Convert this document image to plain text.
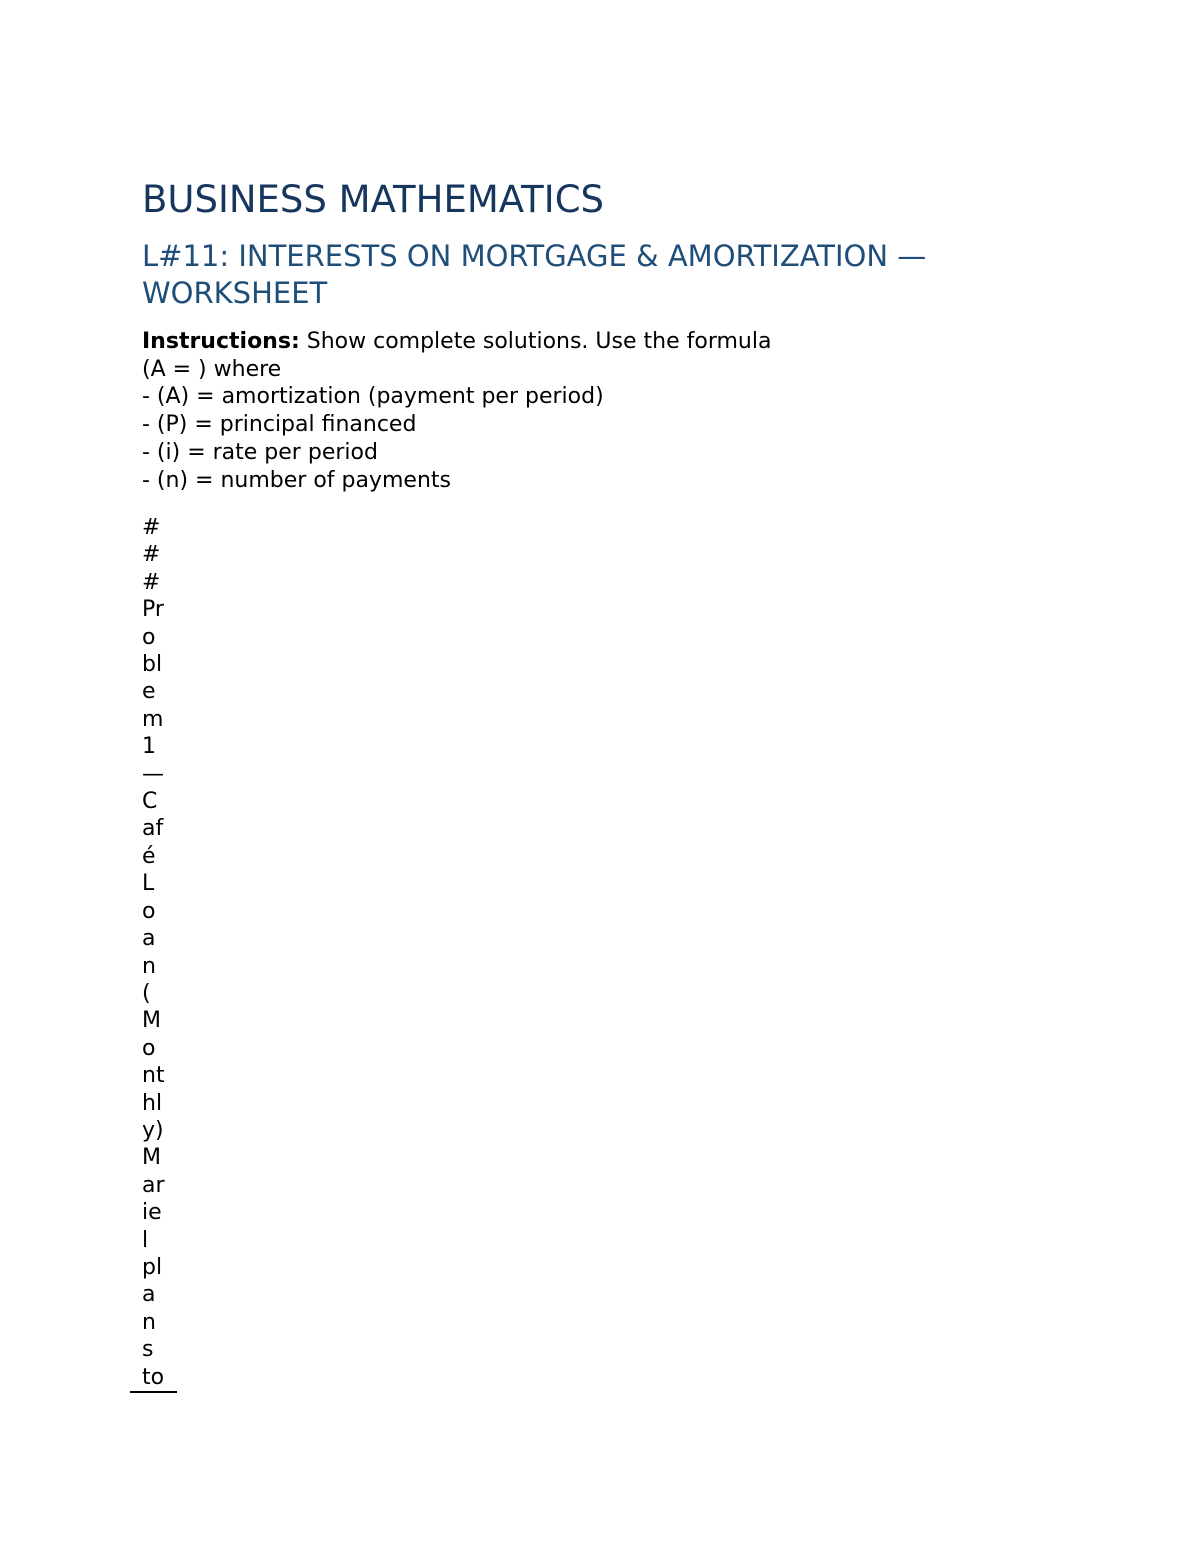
BUSINESS MATHEMATICS
L#11: INTERESTS ON MORTGAGE & AMORTIZATION — WORKSHEET
Instructions: Show complete solutions. Use the formula
(A = ) where
- (A) = amortization (payment per period)
- (P) = principal financed
- (i) = rate per period
- (n) = number of payments
#
#
#
Pr
o
bl
e
m
1
—
C
af
é
L
o
a
n
(
M
o
nt
hl
y)
M
ar
ie
l
pl
a
n
s
to
